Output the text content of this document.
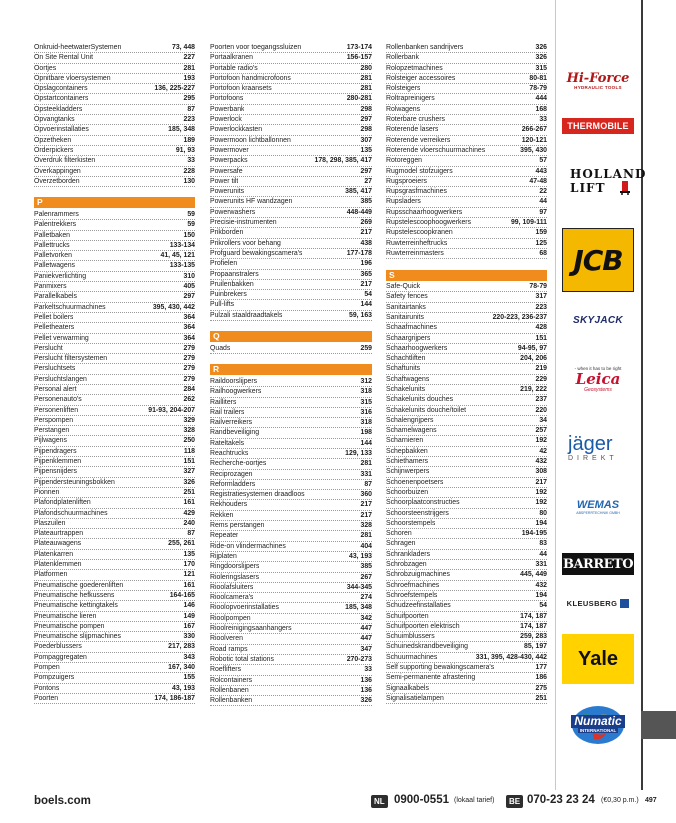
Onkruid-heetwaterSystemen	73, 448
On Site Rental Unit	227
Oortjes	281
Opnitbare vloersystemen	193
Opslagcontainers	136, 225-227
Opstartcontainers	295
Opsteekladders	87
Opvangtanks	223
Opvoerinstallaties	185, 348
Opzetheken	189
Orderpickers	91, 93
Overdruk filterkisten	33
Overkappingen	228
Overzetborden	130
P
Palenrammers	59
Palentrekkers	59
Palletbaken	150
Pallettrucks	133-134
Palletvorken	41, 45, 121
Palletwagens	133-135
Paniekverlichting	310
Panmixers	405
Parallelkabels	297
Parkeltschuurmachines	395, 430, 442
Pellet boilers	364
Pelletheaters	364
Pellet verwarming	364
Perslucht	279
Perslucht filtersystemen	279
Persluchtsets	279
Persluchtslangen	279
Personal alert	284
Personenauto's	262
Personenliften	91-93, 204-207
Perspompen	329
Perstangen	328
Pijlwagens	250
Pijpendragers	118
Pijpenklemmen	151
Pijpensnijders	327
Pijpendersteuningsbokken	326
Pionnen	251
Plafondplatenliften	161
Plafondschuurmachines	429
Plaszuilen	240
Plateaurtrappen	87
Plateauwagens	255, 261
Platenkarren	135
Platenklemmen	170
Platformen	121
Pneumatische goederenliften	161
Pneumatische hefkussens	164-165
Pneumatische kettingtakels	146
Pneumatische lieren	149
Pneumatische pompen	167
Pneumatische slijpmachines	330
Poederblussers	217, 283
Pompaggregaten	343
Pompen	167, 340
Pompzuigers	155
Pontons	43, 193
Poorten	174, 186-187
Poorten voor toegangssluizen	173-174
Portaalkranen	156-157
Portable radio's	280
Portofoon handmicrofoons	281
Portofoon kraansets	281
Portofoons	280-281
Powerbank	298
Powerlock	297
Powerlockkasten	298
Powermoon lichtballonnen	307
Powermover	135
Powerpacks	178, 298, 385, 417
Powersafe	297
Power tilt	27
Powerunits	385, 417
Powerunits HF wandzagen	385
Powerwashers	448-449
Precisie-instrumenten	269
Prikborden	217
Prikrollers voor behang	438
Profguard bewakingscamera's	177-178
Profielen	196
Propaanstralers	365
Pruilenbakken	217
Puinbrekers	54
Pull-lifts	144
Pulzali staaldraadtakels	59, 163
Q
Quads	259
R
Raildoorslijpers	312
Railhoogwerkers	318
Railliters	315
Rail trailers	316
Railverreikers	318
Randbeveiliging	198
Rateltakels	144
Reachtrucks	129, 133
Recherche-oortjes	281
Reciprozagen	331
Reformladders	87
Registratiesystemen draadloos	360
Rekhouders	217
Rekken	217
Rems perstangen	328
Repeater	281
Ride-on vlindermachines	404
Rijplaten	43, 193
Ringdoorslijpers	385
Rioleringslasers	267
Rioolafsluiters	344-345
Rioolcamera's	274
Rioolopvoerinstallaties	185, 348
Rioolpompen	342
Rioolreinigingsaanhangers	447
Rioolveren	447
Road ramps	347
Robotic total stations	270-273
Roeflifters	33
Rolcontainers	136
Rollenbanen	136
Rollenbanken	326
Rollenbanken sandrijvers	326
Rollerbank	326
Rolopzetmachines	315
Rolsteiger accessoires	80-81
Rolsteigers	78-79
Roltrapreinigers	444
Rolwagens	168
Roterbare crushers	33
Roterende lasers	266-267
Roterende verreikers	120-121
Roterende vloerschuurmachines	395, 430
Rotoreggen	57
Rugmodel stofzuigers	443
Rugsproeiers	47-48
Rupsgrasfmachines	22
Rupsladers	44
Rupsschaarhoogwerkers	97
Rupstelescoophoogwerkers	99, 109-111
Rupstelescoopkranen	159
Ruwterreinheftrucks	125
Ruwterreinmasters	68
S
Safe-Quick	78-79
Safety fences	317
Sanitairtanks	223
Sanitairunits	220-223, 236-237
Schaafmachines	428
Schaargrijpers	151
Schaarhoogwerkers	94-95, 97
Schachtliften	204, 206
Schaftunits	219
Schaftwagens	229
Schakelunits	219, 222
Schakelunits douches	237
Schakelunits douche/toilet	220
Schalengrijpers	34
Schamelwagens	257
Scharnieren	192
Schepbakken	42
Schiethamers	432
Schijnwerpers	308
Schoenenpoetsers	217
Schoorbuizen	192
Schoorplaatconstructies	192
Schoorsteenstrijgers	80
Schoorstempels	194
Schoren	194-195
Schragen	83
Schrankladers	44
Schrobzagen	331
Schrobzuigmachines	445, 449
Schroefmachines	432
Schroefstempels	194
Schudzeefinstallaties	54
Schuifpoorten	174, 187
Schuifpoorten elektrisch	174, 187
Schuimblussers	259, 283
Schuinedskrandbeveiliging	85, 197
Schuurmachines	331, 395, 428-430, 442
Self supporting bewakingscamera's	177
Semi-permanente afrastering	186
Signaalkabels	275
Signalisatielampen	251
Hi-Force
HYDRAULIC TOOLS
THERMOBILE
HOLLAND
LIFT
JCB
SKYJACK
- when it has to be right
Leica
Geosystems
jäger
DIREKT
WEMAS
ABSPERRTECHNIK GMBH
BARRETO
KLEUSBERG
Yale
Numatic
INTERNATIONAL
boels.com	NL 0900-0551 (lokaal tarief)	BE 070-23 23 24 (€0,30 p.m.) 497
